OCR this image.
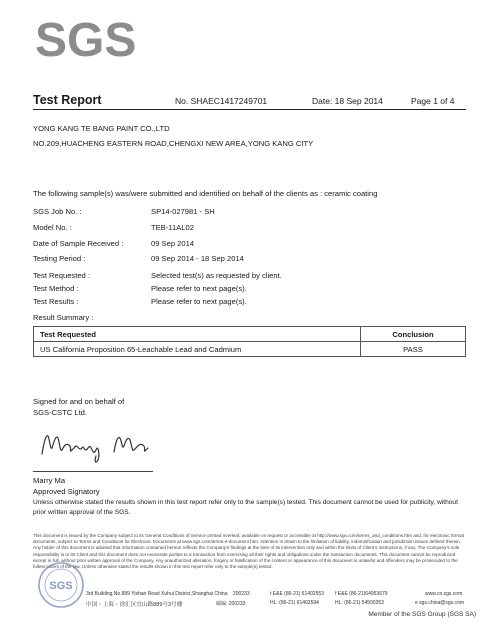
SGS
Test Report	No. SHAEC1417249701	Date: 18 Sep 2014	Page 1 of 4
YONG KANG TE BANG PAINT CO.,LTD
NO.209,HUACHENG EASTERN ROAD,CHENGXI NEW AREA,YONG KANG CITY
The following sample(s) was/were submitted and identified on behalf of the clients as : ceramic coating
SGS Job No. :	SP14-027981 - SH
Model No. :	TEB-11AL02
Date of Sample Received :	09 Sep 2014
Testing Period :	09 Sep 2014 - 18 Sep 2014
Test Requested :	Selected test(s) as requested by client.
Test Method :	Please refer to next page(s).
Test Results :	Please refer to next page(s).
Result Summary :
Test Requested	Conclusion
US California Proposition 65-Leachable Lead and Cadmium	PASS
Signed for and on behalf of
SGS-CSTC Ltd.
Marry Ma
Approved Signatory
Unless otherwise stated the results shown in this test report refer only to the sample(s) tested. This document cannot be used for publicity, without
prior written approval of the SGS.
This document is issued by the Company subject to its General Conditions of Service printed overleaf, available on request or accessible at http://www.sgs.com/terms_and_conditions.htm and, for electronic format documents, subject to Terms and Conditions for Electronic Documents at www.sgs.com/terms-e-document.htm. Attention is drawn to the limitation of liability, indemnification and jurisdiction issues defined therein. Any holder of this document is advised that information contained hereon reflects the Company's findings at the time of its intervention only and within the limits of Client's instructions, if any. The Company's sole responsibility is to its Client and this document does not exonerate parties to a transaction from exercising all their rights and obligations under the transaction documents. This document cannot be reproduced except in full, without prior written approval of the Company. Any unauthorized alteration, forgery or falsification of the content or appearance of this document is unlawful and offenders may be prosecuted to the fullest extent of the law. Unless otherwise stated the results shown in this test report refer only to the sample(s) tested.
SGS
3rd Building,No.889 Yishan Road Xuhui District,Shanghai China
中国・上海・徐汇区宜山路889号3号楼
200233
邮编: 200233
t E&E (86-21) 61402553 f E&E (86-21)64953679
HL: (86-21) 61402594	HL: (86-21) 54500353
www.cn.sgs.com
e sgs.china@sgs.com
Member of the SGS Group (SGS SA)
